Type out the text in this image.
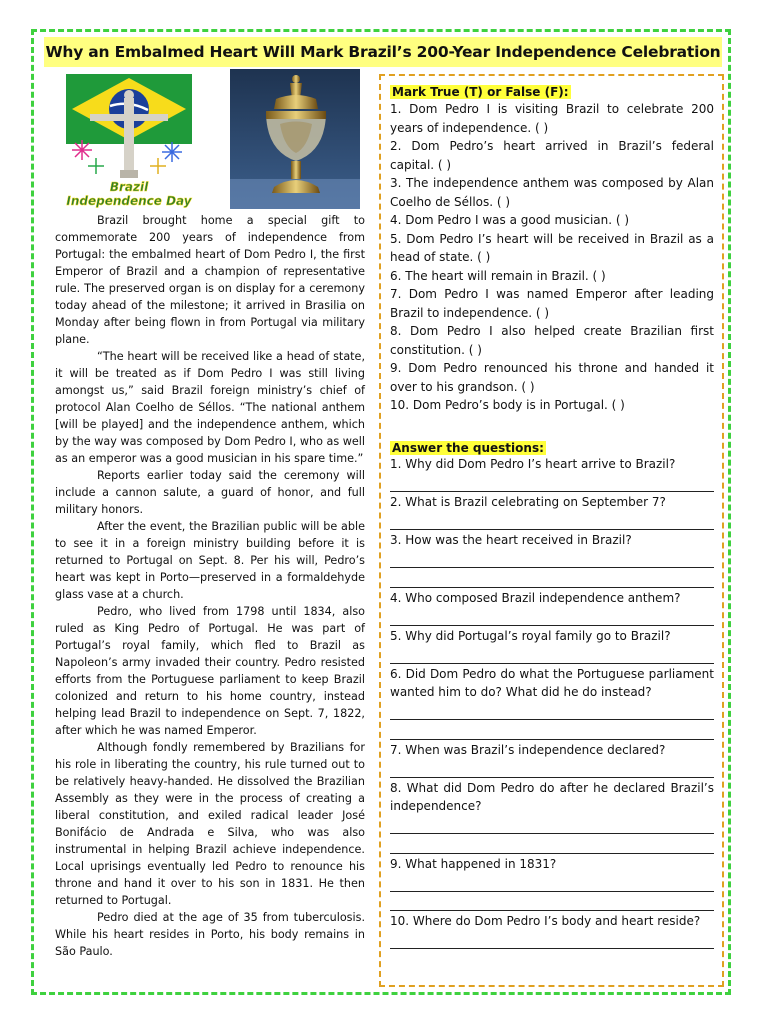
Why an Embalmed Heart Will Mark Brazil’s 200-Year Independence Celebration
Brazil
Independence Day

Brazil brought home a special gift to commemorate 200 years of independence from Portugal: the embalmed heart of Dom Pedro I, the first Emperor of Brazil and a champion of representative rule. The preserved organ is on display for a ceremony today ahead of the milestone; it arrived in Brasilia on Monday after being flown in from Portugal via military plane.

“The heart will be received like a head of state, it will be treated as if Dom Pedro I was still living amongst us,” said Brazil foreign ministry’s chief of protocol Alan Coelho de Séllos. “The national anthem [will be played] and the independence anthem, which by the way was composed by Dom Pedro I, who as well as an emperor was a good musician in his spare time.”

Reports earlier today said the ceremony will include a cannon salute, a guard of honor, and full military honors.

After the event, the Brazilian public will be able to see it in a foreign ministry building before it is returned to Portugal on Sept. 8. Per his will, Pedro’s heart was kept in Porto—preserved in a formaldehyde glass vase at a church.

Pedro, who lived from 1798 until 1834, also ruled as King Pedro of Portugal. He was part of Portugal’s royal family, which fled to Brazil as Napoleon’s army invaded their country. Pedro resisted efforts from the Portuguese parliament to keep Brazil colonized and return to his home country, instead helping lead Brazil to independence on Sept. 7, 1822, after which he was named Emperor.

Although fondly remembered by Brazilians for his role in liberating the country, his rule turned out to be relatively heavy-handed. He dissolved the Brazilian Assembly as they were in the process of creating a liberal constitution, and exiled radical leader José Bonifácio de Andrada e Silva, who was also instrumental in helping Brazil achieve independence. Local uprisings eventually led Pedro to renounce his throne and hand it over to his son in 1831. He then returned to Portugal.

Pedro died at the age of 35 from tuberculosis. While his heart resides in Porto, his body remains in São Paulo.

Mark True (T) or False (F):
1. Dom Pedro I is visiting Brazil to celebrate 200 years of independence. ( )
2. Dom Pedro’s heart arrived in Brazil’s federal capital. ( )
3. The independence anthem was composed by Alan Coelho de Séllos. ( )
4. Dom Pedro I was a good musician. ( )
5. Dom Pedro I’s heart will be received in Brazil as a head of state. ( )
6. The heart will remain in Brazil. ( )
7. Dom Pedro I was named Emperor after leading Brazil to independence. ( )
8. Dom Pedro I also helped create Brazilian first constitution. ( )
9. Dom Pedro renounced his throne and handed it over to his grandson. ( )
10. Dom Pedro’s body is in Portugal. ( )
Answer the questions:
1. Why did Dom Pedro I’s heart arrive to Brazil?
2. What is Brazil celebrating on September 7?
3. How was the heart received in Brazil?
4. Who composed Brazil independence anthem?
5. Why did Portugal’s royal family go to Brazil?
6. Did Dom Pedro do what the Portuguese parliament wanted him to do? What did he do instead?
7. When was Brazil’s independence declared?
8. What did Dom Pedro do after he declared Brazil’s independence?
9. What happened in 1831?
10. Where do Dom Pedro I’s body and heart reside?
